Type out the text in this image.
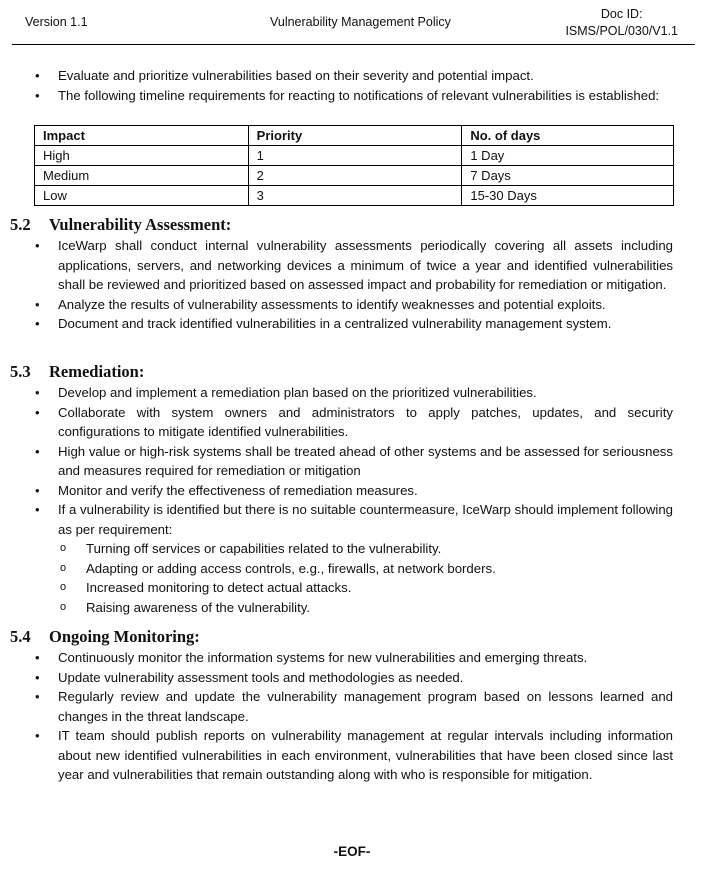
Version 1.1	Vulnerability Management Policy
Doc ID:
ISMS/POL/030/V1.1
• Evaluate and prioritize vulnerabilities based on their severity and potential impact.
• The following timeline requirements for reacting to notifications of relevant vulnerabilities is established:
Impact	Priority	No. of days
High	1	1 Day
Medium	2	7 Days
Low	3	15-30 Days
5.2 Vulnerability Assessment:
• IceWarp shall conduct internal vulnerability assessments periodically covering all assets including applications, servers, and networking devices a minimum of twice a year and identified vulnerabilities shall be reviewed and prioritized based on assessed impact and probability for remediation or mitigation.
• Analyze the results of vulnerability assessments to identify weaknesses and potential exploits.
• Document and track identified vulnerabilities in a centralized vulnerability management system.
5.3 Remediation:
• Develop and implement a remediation plan based on the prioritized vulnerabilities.
• Collaborate with system owners and administrators to apply patches, updates, and security configurations to mitigate identified vulnerabilities.
• High value or high-risk systems shall be treated ahead of other systems and be assessed for seriousness and measures required for remediation or mitigation
• Monitor and verify the effectiveness of remediation measures.
• If a vulnerability is identified but there is no suitable countermeasure, IceWarp should implement following as per requirement:
o Turning off services or capabilities related to the vulnerability.
o Adapting or adding access controls, e.g., firewalls, at network borders.
o Increased monitoring to detect actual attacks.
o Raising awareness of the vulnerability.
5.4 Ongoing Monitoring:
• Continuously monitor the information systems for new vulnerabilities and emerging threats.
• Update vulnerability assessment tools and methodologies as needed.
• Regularly review and update the vulnerability management program based on lessons learned and changes in the threat landscape.
• IT team should publish reports on vulnerability management at regular intervals including information about new identified vulnerabilities in each environment, vulnerabilities that have been closed since last year and vulnerabilities that remain outstanding along with who is responsible for mitigation.
-EOF-
